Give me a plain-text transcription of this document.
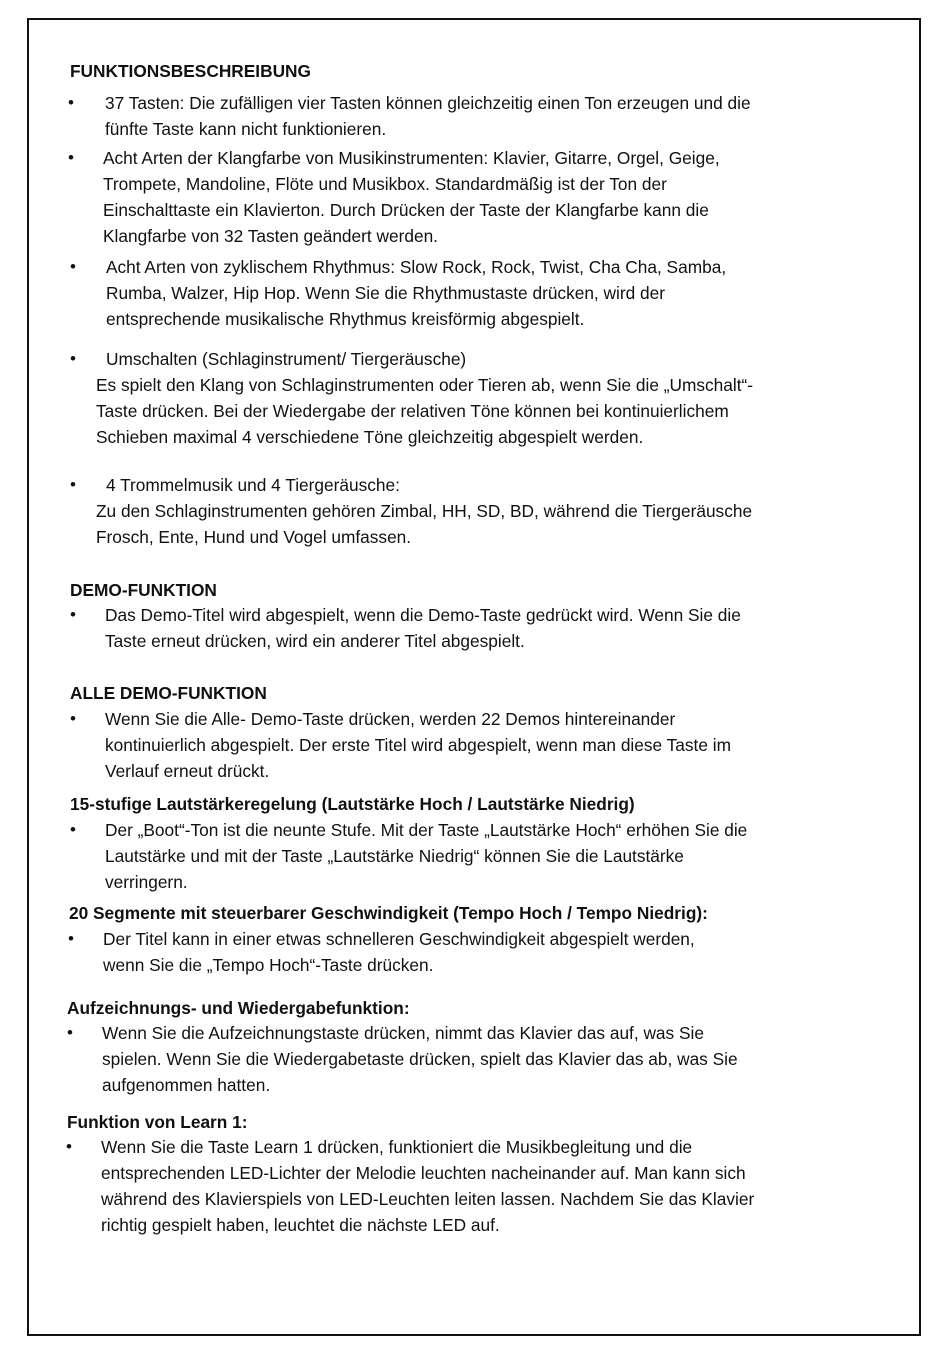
FUNKTIONSBESCHREIBUNG
• 37 Tasten: Die zufälligen vier Tasten können gleichzeitig einen Ton erzeugen und die
fünfte Taste kann nicht funktionieren.
• Acht Arten der Klangfarbe von Musikinstrumenten: Klavier, Gitarre, Orgel, Geige,
Trompete, Mandoline, Flöte und Musikbox. Standardmäßig ist der Ton der
Einschalttaste ein Klavierton. Durch Drücken der Taste der Klangfarbe kann die
Klangfarbe von 32 Tasten geändert werden.
• Acht Arten von zyklischem Rhythmus: Slow Rock, Rock, Twist, Cha Cha, Samba,
Rumba, Walzer, Hip Hop. Wenn Sie die Rhythmustaste drücken, wird der
entsprechende musikalische Rhythmus kreisförmig abgespielt.
• Umschalten (Schlaginstrument/ Tiergeräusche)
Es spielt den Klang von Schlaginstrumenten oder Tieren ab, wenn Sie die „Umschalt“-
Taste drücken. Bei der Wiedergabe der relativen Töne können bei kontinuierlichem
Schieben maximal 4 verschiedene Töne gleichzeitig abgespielt werden.
• 4 Trommelmusik und 4 Tiergeräusche:
Zu den Schlaginstrumenten gehören Zimbal, HH, SD, BD, während die Tiergeräusche
Frosch, Ente, Hund und Vogel umfassen.
DEMO-FUNKTION
• Das Demo-Titel wird abgespielt, wenn die Demo-Taste gedrückt wird. Wenn Sie die
Taste erneut drücken, wird ein anderer Titel abgespielt.
ALLE DEMO-FUNKTION
• Wenn Sie die Alle- Demo-Taste drücken, werden 22 Demos hintereinander
kontinuierlich abgespielt. Der erste Titel wird abgespielt, wenn man diese Taste im
Verlauf erneut drückt.
15-stufige Lautstärkeregelung (Lautstärke Hoch / Lautstärke Niedrig)
• Der „Boot“-Ton ist die neunte Stufe. Mit der Taste „Lautstärke Hoch“ erhöhen Sie die
Lautstärke und mit der Taste „Lautstärke Niedrig“ können Sie die Lautstärke
verringern.
20 Segmente mit steuerbarer Geschwindigkeit (Tempo Hoch / Tempo Niedrig):
• Der Titel kann in einer etwas schnelleren Geschwindigkeit abgespielt werden,
wenn Sie die „Tempo Hoch“-Taste drücken.
Aufzeichnungs- und Wiedergabefunktion:
• Wenn Sie die Aufzeichnungstaste drücken, nimmt das Klavier das auf, was Sie
spielen. Wenn Sie die Wiedergabetaste drücken, spielt das Klavier das ab, was Sie
aufgenommen hatten.
Funktion von Learn 1:
• Wenn Sie die Taste Learn 1 drücken, funktioniert die Musikbegleitung und die
entsprechenden LED-Lichter der Melodie leuchten nacheinander auf. Man kann sich
während des Klavierspiels von LED-Leuchten leiten lassen. Nachdem Sie das Klavier
richtig gespielt haben, leuchtet die nächste LED auf.
